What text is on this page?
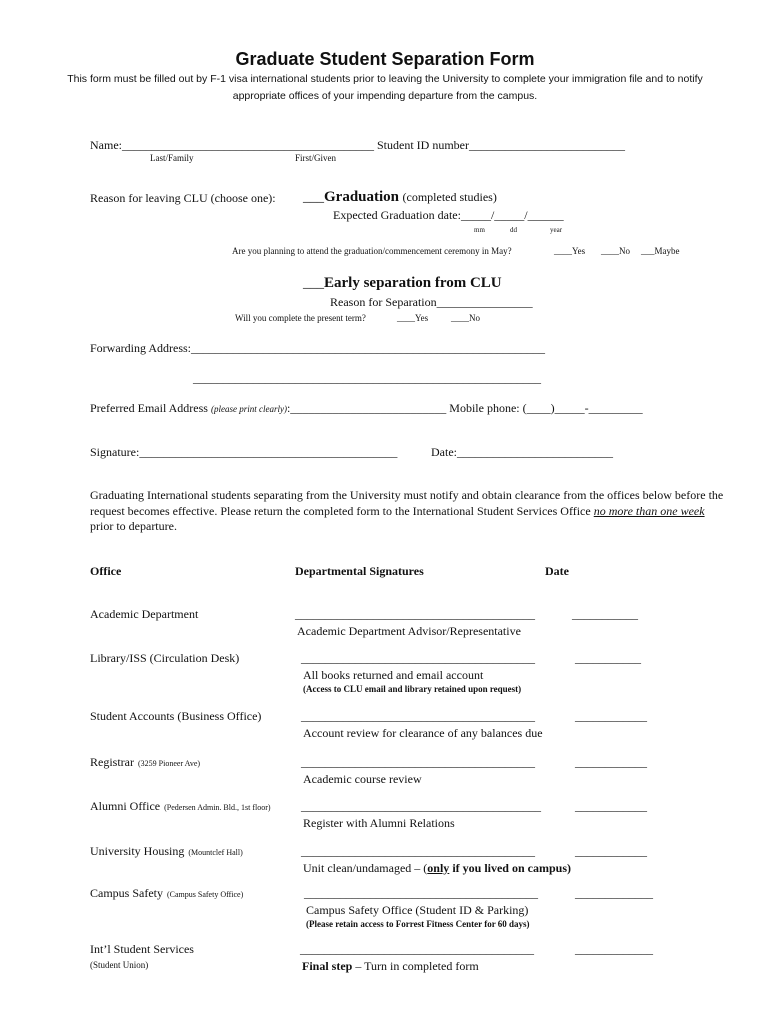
Graduate Student Separation Form
This form must be filled out by F-1 visa international students prior to leaving the University to complete your immigration file and to notify appropriate offices of your impending departure from the campus.
Name:__________________________________________ Student ID number__________________________
Last/Family	First/Given
Reason for leaving CLU (choose one): ___Graduation (completed studies)
Expected Graduation date:_____/_____/______
mm	dd	year
Are you planning to attend the graduation/commencement ceremony in May?	____Yes ____No ___Maybe
___Early separation from CLU
Reason for Separation________________
Will you complete the present term?	____Yes	____No
Forwarding Address:___________________________________________________________
__________________________________________________________
Preferred Email Address (please print clearly):__________________________ Mobile phone: (____)_____-_________
Signature:___________________________________________	Date:__________________________
Graduating International students separating from the University must notify and obtain clearance from the offices below before the request becomes effective. Please return the completed form to the International Student Services Office no more than one week prior to departure.
Office	Departmental Signatures	Date
Academic Department	________________________________________	___________
Academic Department Advisor/Representative
Library/ISS (Circulation Desk)	_______________________________________	___________
All books returned and email account
(Access to CLU email and library retained upon request)
Student Accounts (Business Office)	_______________________________________	____________
Account review for clearance of any balances due
Registrar (3259 Pioneer Ave)	_______________________________________	____________
Academic course review
Alumni Office (Pedersen Admin. Bld., 1st floor)	________________________________________	____________
Register with Alumni Relations
University Housing (Mountclef Hall)	_______________________________________	____________
Unit clean/undamaged – (only if you lived on campus)
Campus Safety (Campus Safety Office)	_______________________________________	_____________
Campus Safety Office (Student ID & Parking)
(Please retain access to Forrest Fitness Center for 60 days)
Int’l Student Services
(Student Union)
_______________________________________	_____________
Final step – Turn in completed form
